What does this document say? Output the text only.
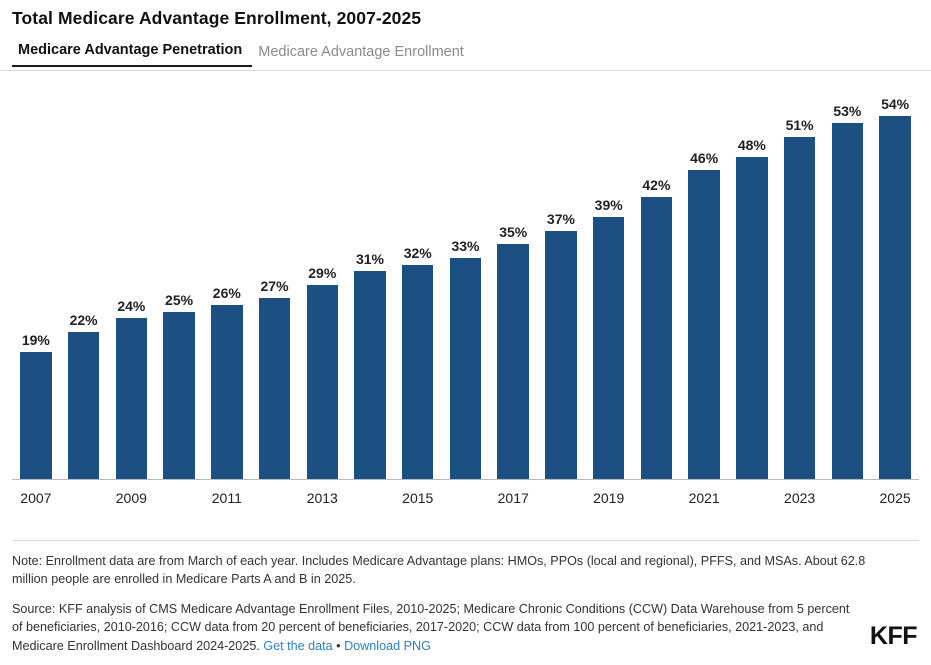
Total Medicare Advantage Enrollment, 2007-2025
Medicare Advantage Penetration	Medicare Advantage Enrollment
19%
22%
24% 25% 26% 27%
29%
31% 32% 33%
35%
37%
39%
42%
46%
48%
51%
53% 54%
2007	2009	2011	2013	2015	2017	2019	2021	2023	2025
Note: Enrollment data are from March of each year. Includes Medicare Advantage plans: HMOs, PPOs (local and regional), PFFS, and MSAs. About 62.8 million people are enrolled in Medicare Parts A and B in 2025.
Source: KFF analysis of CMS Medicare Advantage Enrollment Files, 2010-2025; Medicare Chronic Conditions (CCW) Data Warehouse from 5 percent of beneficiaries, 2010-2016; CCW data from 20 percent of beneficiaries, 2017-2020; CCW data from 100 percent of beneficiaries, 2021-2023, and Medicare Enrollment Dashboard 2024-2025. Get the data • Download PNG	KFF
